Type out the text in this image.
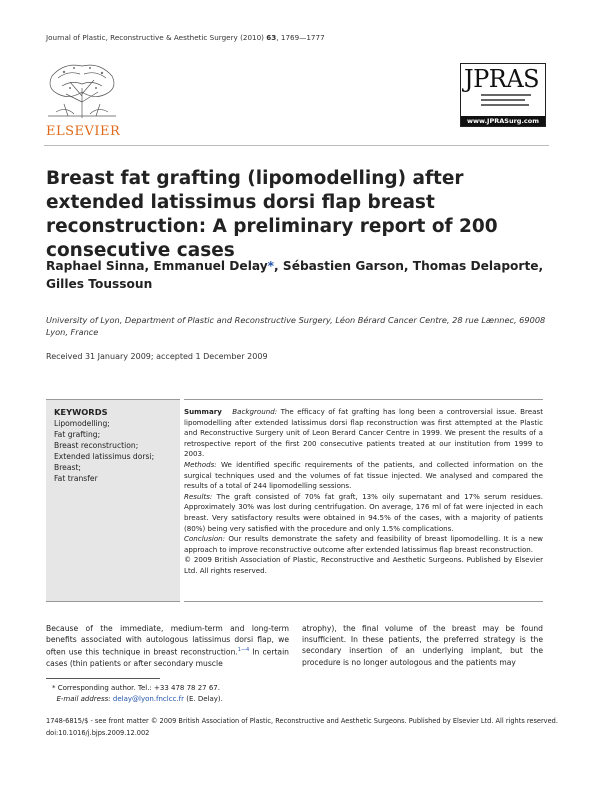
Journal of Plastic, Reconstructive & Aesthetic Surgery (2010) 63, 1769—1777
ELSEVIER
JPRAS
www.JPRASurg.com
Breast fat grafting (lipomodelling) after extended latissimus dorsi flap breast reconstruction: A preliminary report of 200 consecutive cases
Raphael Sinna, Emmanuel Delay*, Sébastien Garson, Thomas Delaporte, Gilles Toussoun
University of Lyon, Department of Plastic and Reconstructive Surgery, Léon Bérard Cancer Centre, 28 rue Lænnec, 69008 Lyon, France
Received 31 January 2009; accepted 1 December 2009
KEYWORDS
Lipomodelling;
Fat grafting;
Breast reconstruction;
Extended latissimus dorsi;
Breast;
Fat transfer

Summary Background: The efficacy of fat grafting has long been a controversial issue. Breast lipomodelling after extended latissimus dorsi flap reconstruction was first attempted at the Plastic and Reconstructive Surgery unit of Leon Berard Cancer Centre in 1999. We present the results of a retrospective report of the first 200 consecutive patients treated at our institution from 1999 to 2003.

Methods: We identified specific requirements of the patients, and collected information on the surgical techniques used and the volumes of fat tissue injected. We analysed and compared the results of a total of 244 lipomodelling sessions.

Results: The graft consisted of 70% fat graft, 13% oily supernatant and 17% serum residues. Approximately 30% was lost during centrifugation. On average, 176 ml of fat were injected in each breast. Very satisfactory results were obtained in 94.5% of the cases, with a majority of patients (80%) being very satisfied with the procedure and only 1.5% complications.

Conclusion: Our results demonstrate the safety and feasibility of breast lipomodelling. It is a new approach to improve reconstructive outcome after extended latissimus flap breast reconstruction.

© 2009 British Association of Plastic, Reconstructive and Aesthetic Surgeons. Published by Elsevier Ltd. All rights reserved.

Because of the immediate, medium-term and long-term benefits associated with autologous latissimus dorsi flap, we often use this technique in breast reconstruction.$^{1—4}$ In certain cases (thin patients or after secondary muscle

atrophy), the final volume of the breast may be found insufficient. In these patients, the preferred strategy is the secondary insertion of an underlying implant, but the procedure is no longer autologous and the patients may

* Corresponding author. Tel.: +33 478 78 27 67.
E-mail address: delay@lyon.fnclcc.fr (E. Delay).
1748-6815/$ - see front matter © 2009 British Association of Plastic, Reconstructive and Aesthetic Surgeons. Published by Elsevier Ltd. All rights reserved.
doi:10.1016/j.bjps.2009.12.002
